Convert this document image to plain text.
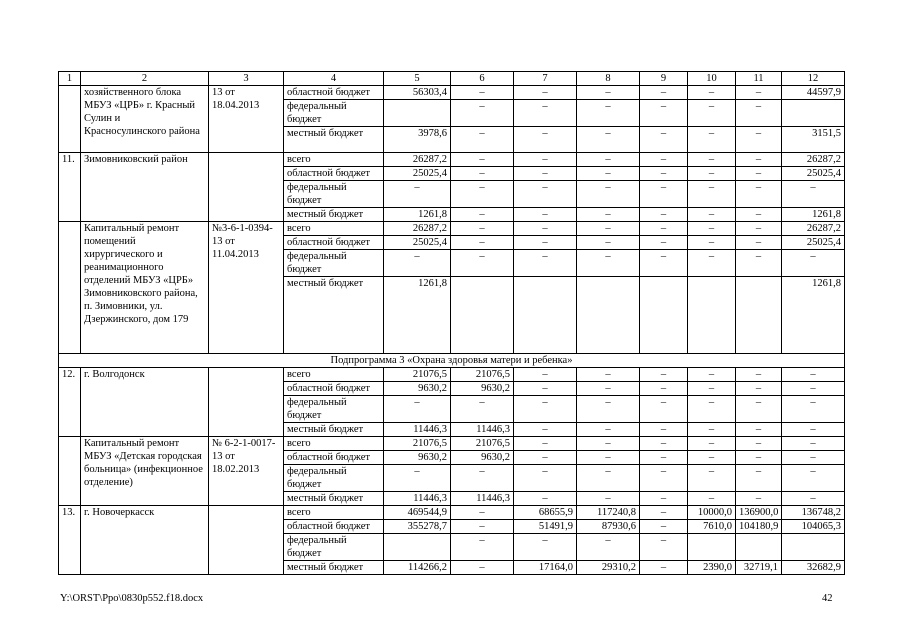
1	2	3	4	5	6	7	8	9	10	11	12
	хозяйственного блока МБУЗ «ЦРБ» г. Красный Сулин и Красносулинского района	13 от 18.04.2013	областной бюджет	56303,4	–	–	–	–	–	–	44597,9
			федеральный бюджет		–	–	–	–	–	–	
			местный бюджет	3978,6	–	–	–	–	–	–	3151,5
11.	Зимовниковский район		всего	26287,2	–	–	–	–	–	–	26287,2
			областной бюджет	25025,4	–	–	–	–	–	–	25025,4
			федеральный бюджет	–	–	–	–	–	–	–	–
			местный бюджет	1261,8	–	–	–	–	–	–	1261,8
	Капитальный ремонт помещений хирургического и реанимационного отделений МБУЗ «ЦРБ» Зимовниковского района, п. Зимовники, ул. Дзержинского, дом 179	№3-6-1-0394-13 от 11.04.2013	всего	26287,2	–	–	–	–	–	–	26287,2
			областной бюджет	25025,4	–	–	–	–	–	–	25025,4
			федеральный бюджет	–	–	–	–	–	–	–	–
			местный бюджет	1261,8							1261,8
Подпрограмма 3 «Охрана здоровья матери и ребенка»											
12.	г. Волгодонск		всего	21076,5	21076,5	–	–	–	–	–	–
			областной бюджет	9630,2	9630,2	–	–	–	–	–	–
			федеральный бюджет	–	–	–	–	–	–	–	–
			местный бюджет	11446,3	11446,3	–	–	–	–	–	–
	Капитальный ремонт МБУЗ «Детская городская больница» (инфекционное отделение)	№ 6-2-1-0017-13 от 18.02.2013	всего	21076,5	21076,5	–	–	–	–	–	–
			областной бюджет	9630,2	9630,2	–	–	–	–	–	–
			федеральный бюджет	–	–	–	–	–	–	–	–
			местный бюджет	11446,3	11446,3	–	–	–	–	–	–
13.	г. Новочеркасск		всего	469544,9	–	68655,9	117240,8	–	10000,0	136900,0	136748,2
			областной бюджет	355278,7	–	51491,9	87930,6	–	7610,0	104180,9	104065,3
			федеральный бюджет		–	–	–	–			
			местный бюджет	114266,2	–	17164,0	29310,2	–	2390,0	32719,1	32682,9
Y:\ORST\Ppo\0830p552.f18.docx	42
